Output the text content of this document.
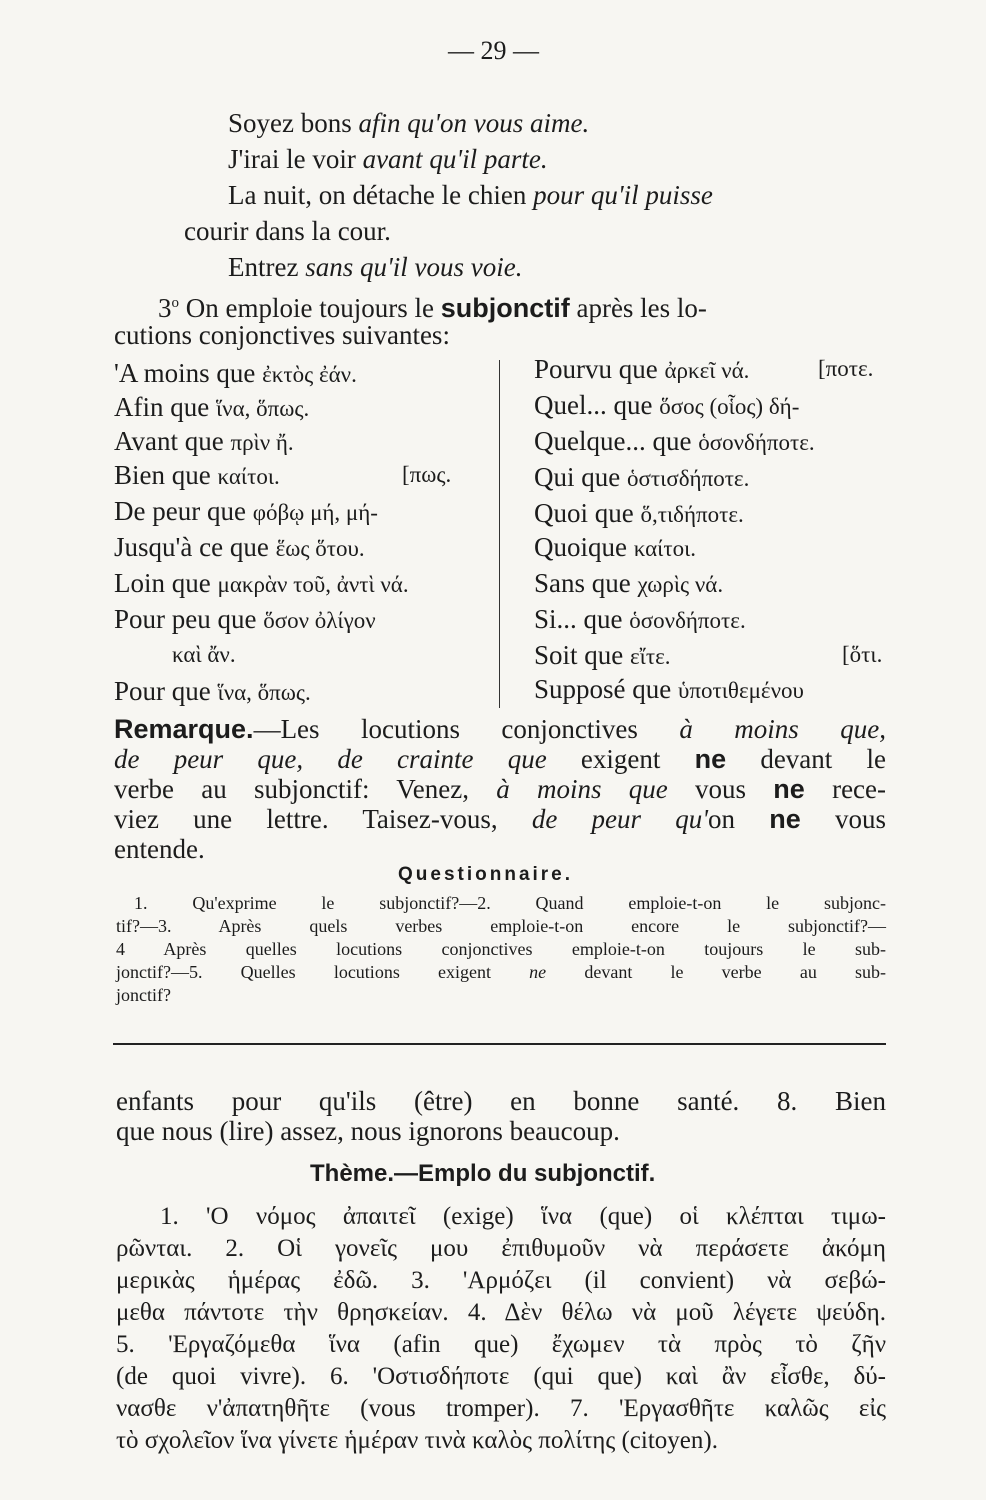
— 29 —
Soyez bons afin qu'on vous aime.
J'irai le voir avant qu'il parte.
La nuit, on détache le chien pour qu'il puisse
courir dans la cour.
Entrez sans qu'il vous voie.
3$^o$ On emploie toujours le subjonctif après les lo-
cutions conjonctives suivantes:
'A moins que ἐκτὸς ἐάν.
Afin que ἵνα, ὅπως.
Avant que πρὶν ἤ.
Bien que καίτοι.	[πως.
De peur que φόβῳ μή, μή-
Jusqu'à ce que ἕως ὅτου.
Loin que μακρὰν τοῦ, ἀντὶ νά.
Pour peu que ὅσον ὀλίγον
καὶ ἄν.
Pour que ἵνα, ὅπως.
Pourvu que ἀρκεῖ νά.	[ποτε.
Quel... que ὅσος (οἷος) δή-
Quelque... que ὁσονδήποτε.
Qui que ὁστισδήποτε.
Quoi que ὅ,τιδήποτε.
Quoique καίτοι.
Sans que χωρὶς νά.
Si... que ὁσονδήποτε.
Soit que εἴτε.	[ὅτι.
Supposé que ὑποτιθεμένου
Remarque.—Les locutions conjonctives à moins que,
de peur que, de crainte que exigent ne devant le
verbe au subjonctif: Venez, à moins que vous ne rece-
viez une lettre. Taisez-vous, de peur qu'on ne vous
entende.
Questionnaire.
1. Qu'exprime le subjonctif?—2. Quand emploie-t-on le subjonc-
tif?—3. Après quels verbes emploie-t-on encore le subjonctif?—
4 Après quelles locutions conjonctives emploie-t-on toujours le sub-
jonctif?—5. Quelles locutions exigent ne devant le verbe au sub-
jonctif?
enfants pour qu'ils (être) en bonne santé. 8. Bien
que nous (lire) assez, nous ignorons beaucoup.
Thème.—Emplo du subjonctif.
1. 'Ο νόμος ἀπαιτεῖ (exige) ἵνα (que) οἱ κλέπται τιμω-
ρῶνται. 2. Οἱ γονεῖς μου ἐπιθυμοῦν νὰ περάσετε ἀκόμη
μερικὰς ἡμέρας ἐδῶ. 3. 'Αρμόζει (il convient) νὰ σεβώ-
μεθα πάντοτε τὴν θρησκείαν. 4. Δὲν θέλω νὰ μοῦ λέγετε ψεύδη.
5. 'Εργαζόμεθα ἵνα (afin que) ἔχωμεν τὰ πρὸς τὸ ζῆν
(de quoi vivre). 6. 'Οστισδήποτε (qui que) καὶ ἂν εἶσθε, δύ-
νασθε ν'ἀπατηθῆτε (vous tromper). 7. 'Εργασθῆτε καλῶς εἰς
τὸ σχολεῖον ἵνα γίνετε ἡμέραν τινὰ καλὸς πολίτης (citoyen).
